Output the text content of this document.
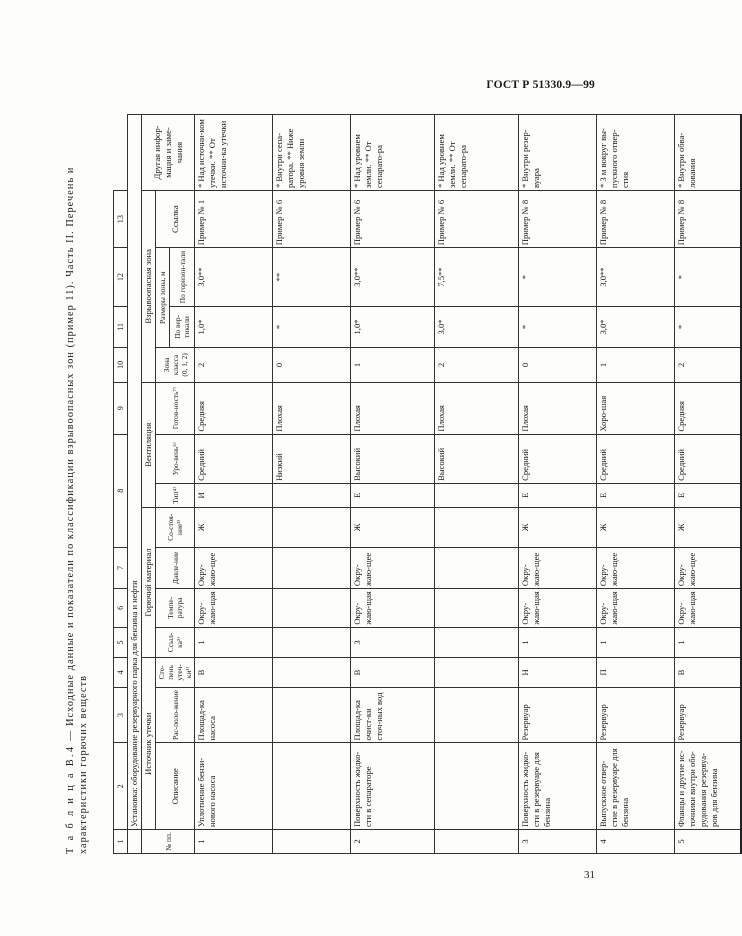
ГОСТ Р 51330.9—99
Т а б л и ц а В.4 — Исходные данные и показатели по классификации взрывоопасных зон (пример 11). Часть II. Перечень и характеристики горючих веществ	1	2	3	4	5	6	7	8			9	10	11	12	13	
	Установка: оборудование резервуарного парка для бензина и нефти														
№ пп.	Источник утечки			Горючий материал				Вентиляция			Взрывоопасная зона				Другая инфор-мация и заме-чания
	Описание	Рас-поло-жение	Сте-пень утеч-ки¹⁾	Ссыл-ка²⁾	Темпе-ратура	Давле-ние	Со-стоя-ние³⁾	Тип⁴⁾	Уро-вень⁵⁾	Готов-ность⁷⁾	Зона класса (0, 1, 2)	Размеры зоны, м		Ссылка	
												По вер-тикали	По горизон-тали		
1	Уплотнение бензи-нового насоса	Площад-ка насоса	В	1	Окру-жаю-щая	Окру-жаю-щее	Ж	И	Средний	Средняя	2	1,0*	3,0**	Пример № 1	* Над источни-ком утечки. ** От источни-ка утечки
									Низкий	Плохая	0	*	**	Пример № 6	* Внутри сепа-ратора. ** Ниже уровня земли
2	Поверхность жидко-сти в сепараторе	Площад-ка очист-ки сточ-ных вод	В	3	Окру-жаю-щая	Окру-жаю-щее	Ж	Е	Высокий	Плохая	1	1,0*	3,0**	Пример № 6	* Над уровнем земли. ** От сепарато-ра
									Высокий	Плохая	2	3,0*	7,5**	Пример № 6	* Над уровнем земли. ** От сепарато-ра
3	Поверхность жидко-сти в резервуаре для бензина	Резервуар	Н	1	Окру-жаю-щая	Окру-жаю-щее	Ж	Е	Средний	Плохая	0	*	*	Пример № 8	* Внутри резер-вуара
4	Выпускное отвер-стие в резервуаре для бензина	Резервуар	П	1	Окру-жаю-щая	Окру-жаю-щее	Ж	Е	Средний	Хоро-шая	1	3,0*	3,0**	Пример № 8	* 3 м вокруг вы-пускного отвер-стия
5	Фланцы и другие ис-точники внутри обо-рудования резервуа-ров для бензина	Резервуар	В	1	Окру-жаю-щая	Окру-жаю-щее	Ж	Е	Средний	Средняя	2	*	*	Пример № 8	* Внутри обва-лования
31
